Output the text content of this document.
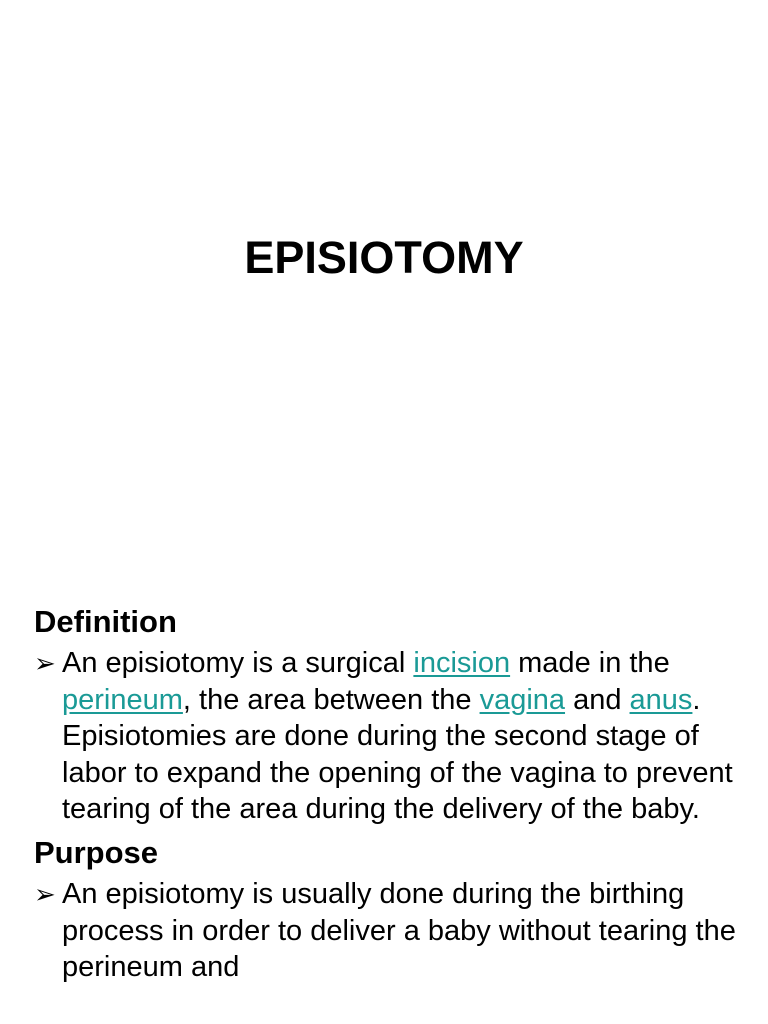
EPISIOTOMY
Definition

➢ An episiotomy is a surgical incision made in the perineum, the area between the vagina and anus. Episiotomies are done during the second stage of labor to expand the opening of the vagina to prevent tearing of the area during the delivery of the baby.

Purpose

➢ An episiotomy is usually done during the birthing process in order to deliver a baby without tearing the perineum and
